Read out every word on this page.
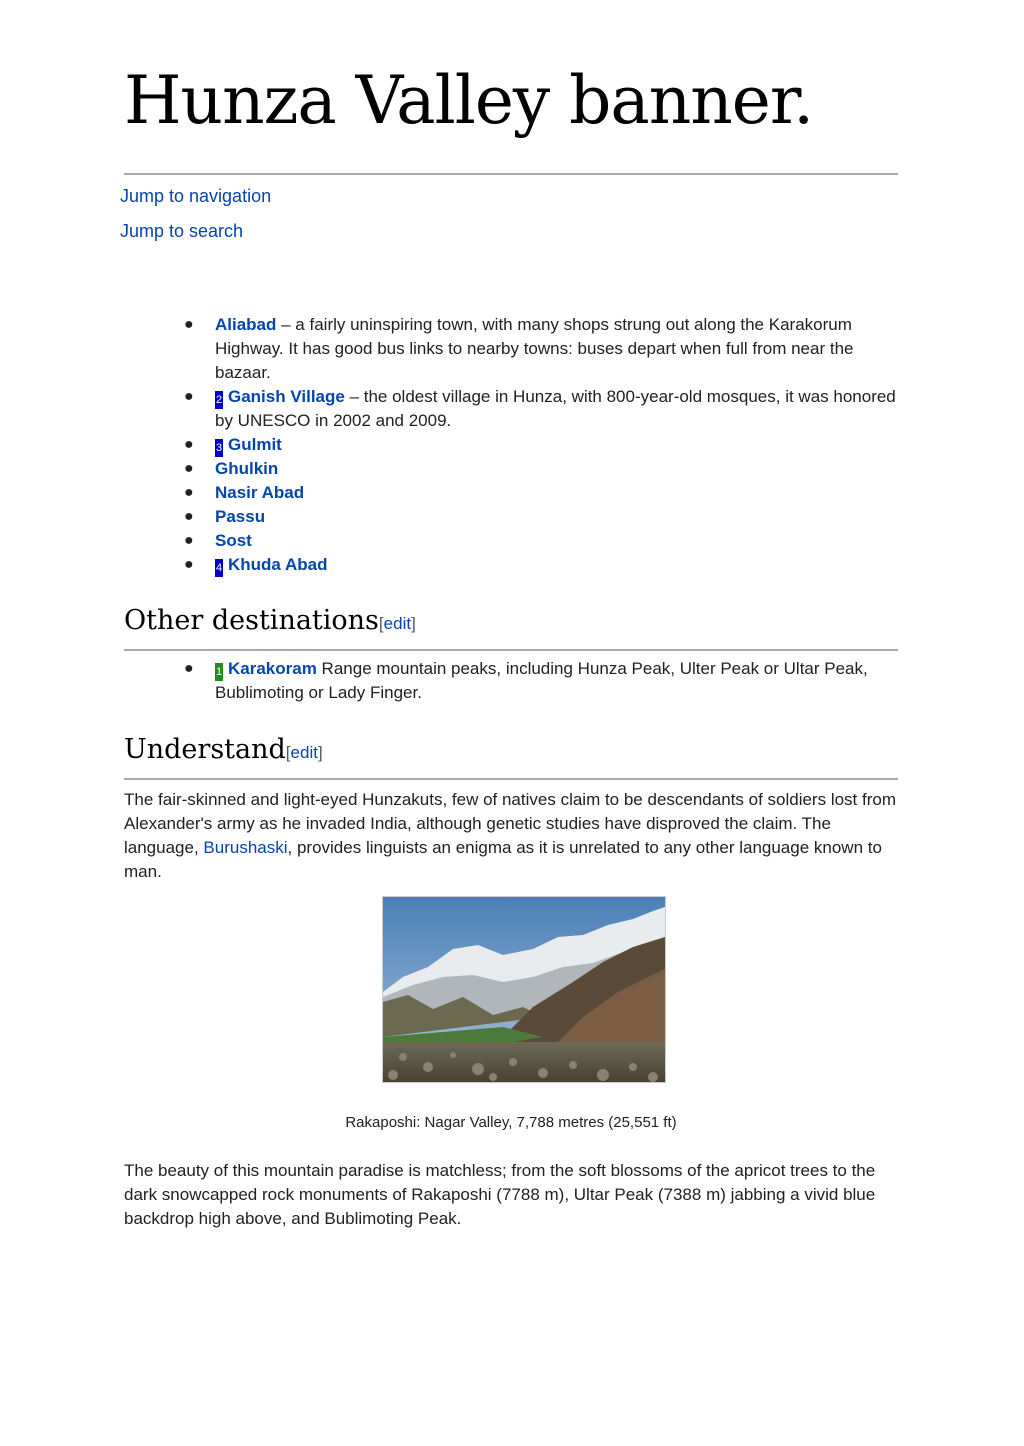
Hunza Valley banner.
Jump to navigation
Jump to search
● Aliabad – a fairly uninspiring town, with many shops strung out along the Karakorum Highway. It has good bus links to nearby towns: buses depart when full from near the bazaar.
● 2 Ganish Village – the oldest village in Hunza, with 800-year-old mosques, it was honored by UNESCO in 2002 and 2009.
● 3 Gulmit
● Ghulkin
● Nasir Abad
● Passu
● Sost
● 4 Khuda Abad
Other destinations[edit]
● 1 Karakoram Range mountain peaks, including Hunza Peak, Ulter Peak or Ultar Peak, Bublimoting or Lady Finger.
Understand[edit]

The fair-skinned and light-eyed Hunzakuts, few of natives claim to be descendants of soldiers lost from Alexander's army as he invaded India, although genetic studies have disproved the claim. The language, Burushaski, provides linguists an enigma as it is unrelated to any other language known to man.

Rakaposhi: Nagar Valley, 7,788 metres (25,551 ft)

The beauty of this mountain paradise is matchless; from the soft blossoms of the apricot trees to the dark snowcapped rock monuments of Rakaposhi (7788 m), Ultar Peak (7388 m) jabbing a vivid blue backdrop high above, and Bublimoting Peak.
